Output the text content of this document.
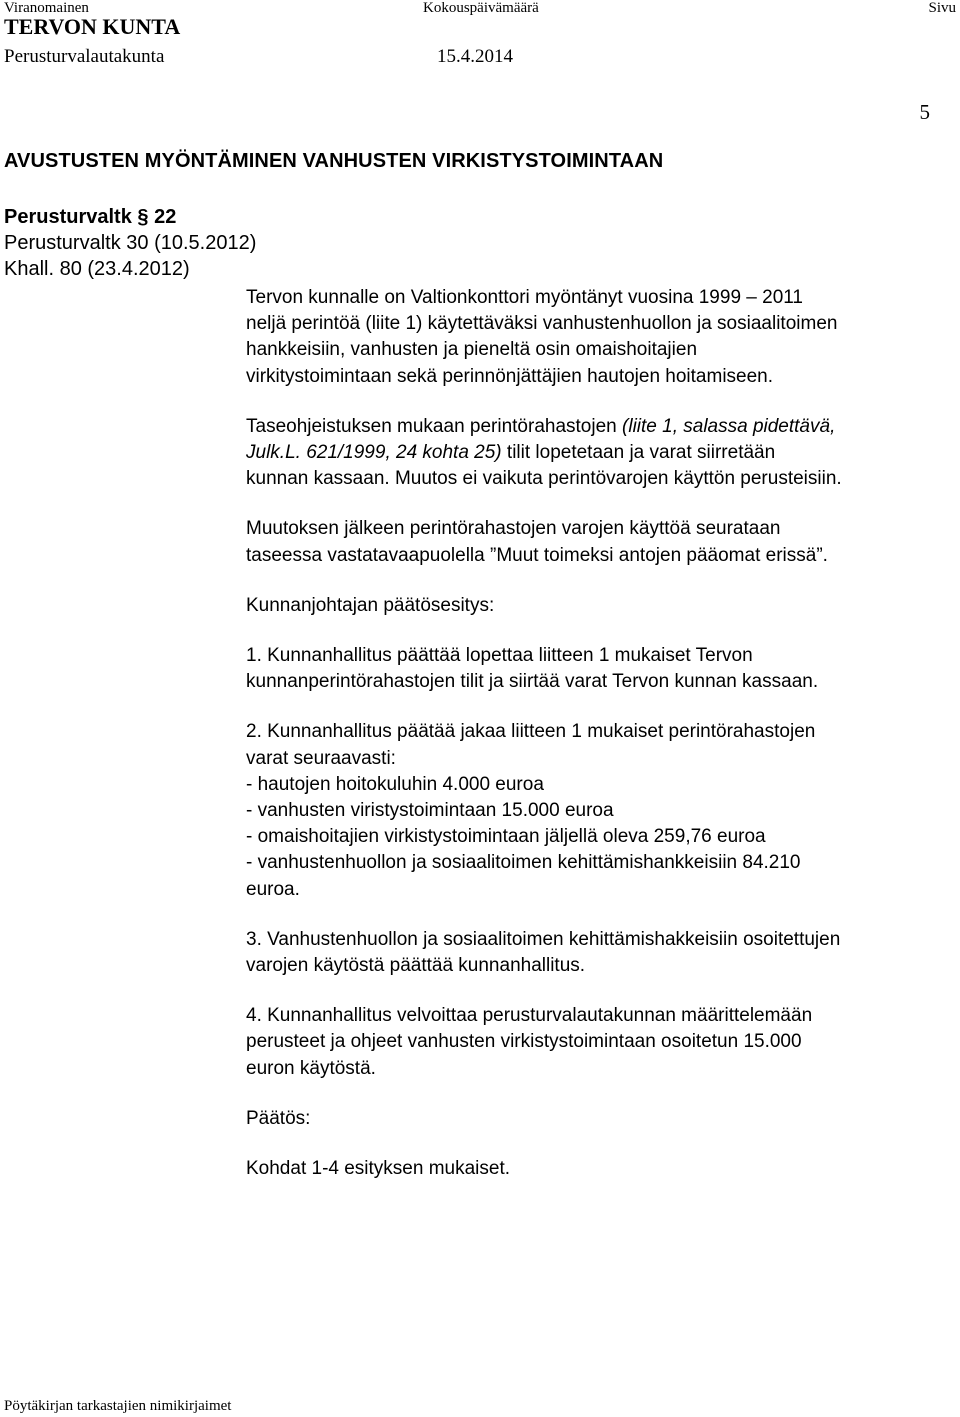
Viranomainen	Kokouspäivämäärä	Sivu
TERVON KUNTA
Perusturvalautakunta	15.4.2014
5
AVUSTUSTEN MYÖNTÄMINEN VANHUSTEN VIRKISTYSTOIMINTAAN
Perusturvaltk § 22
Perusturvaltk 30 (10.5.2012)
Khall. 80 (23.4.2012)

Tervon kunnalle on Valtionkonttori myöntänyt vuosina 1999 – 2011
neljä perintöä (liite 1) käytettäväksi vanhustenhuollon ja sosiaalitoimen
hankkeisiin, vanhusten ja pieneltä osin omaishoitajien
virkitystoimintaan sekä perinnönjättäjien hautojen hoitamiseen.

Taseohjeistuksen mukaan perintörahastojen (liite 1, salassa pidettävä,
Julk.L. 621/1999, 24 kohta 25) tilit lopetetaan ja varat siirretään
kunnan kassaan. Muutos ei vaikuta perintövarojen käyttön perusteisiin.

Muutoksen jälkeen perintörahastojen varojen käyttöä seurataan
taseessa vastatavaapuolella ”Muut toimeksi antojen pääomat erissä”.

Kunnanjohtajan päätösesitys:

1. Kunnanhallitus päättää lopettaa liitteen 1 mukaiset Tervon
kunnanperintörahastojen tilit ja siirtää varat Tervon kunnan kassaan.

2. Kunnanhallitus päätää jakaa liitteen 1 mukaiset perintörahastojen
varat seuraavasti:
- hautojen hoitokuluhin 4.000 euroa
- vanhusten viristystoimintaan 15.000 euroa
- omaishoitajien virkistystoimintaan jäljellä oleva 259,76 euroa
- vanhustenhuollon ja sosiaalitoimen kehittämishankkeisiin 84.210
euroa.

3. Vanhustenhuollon ja sosiaalitoimen kehittämishakkeisiin osoitettujen
varojen käytöstä päättää kunnanhallitus.

4. Kunnanhallitus velvoittaa perusturvalautakunnan määrittelemään
perusteet ja ohjeet vanhusten virkistystoimintaan osoitetun 15.000
euron käytöstä.

Päätös:

Kohdat 1-4 esityksen mukaiset.

Pöytäkirjan tarkastajien nimikirjaimet
